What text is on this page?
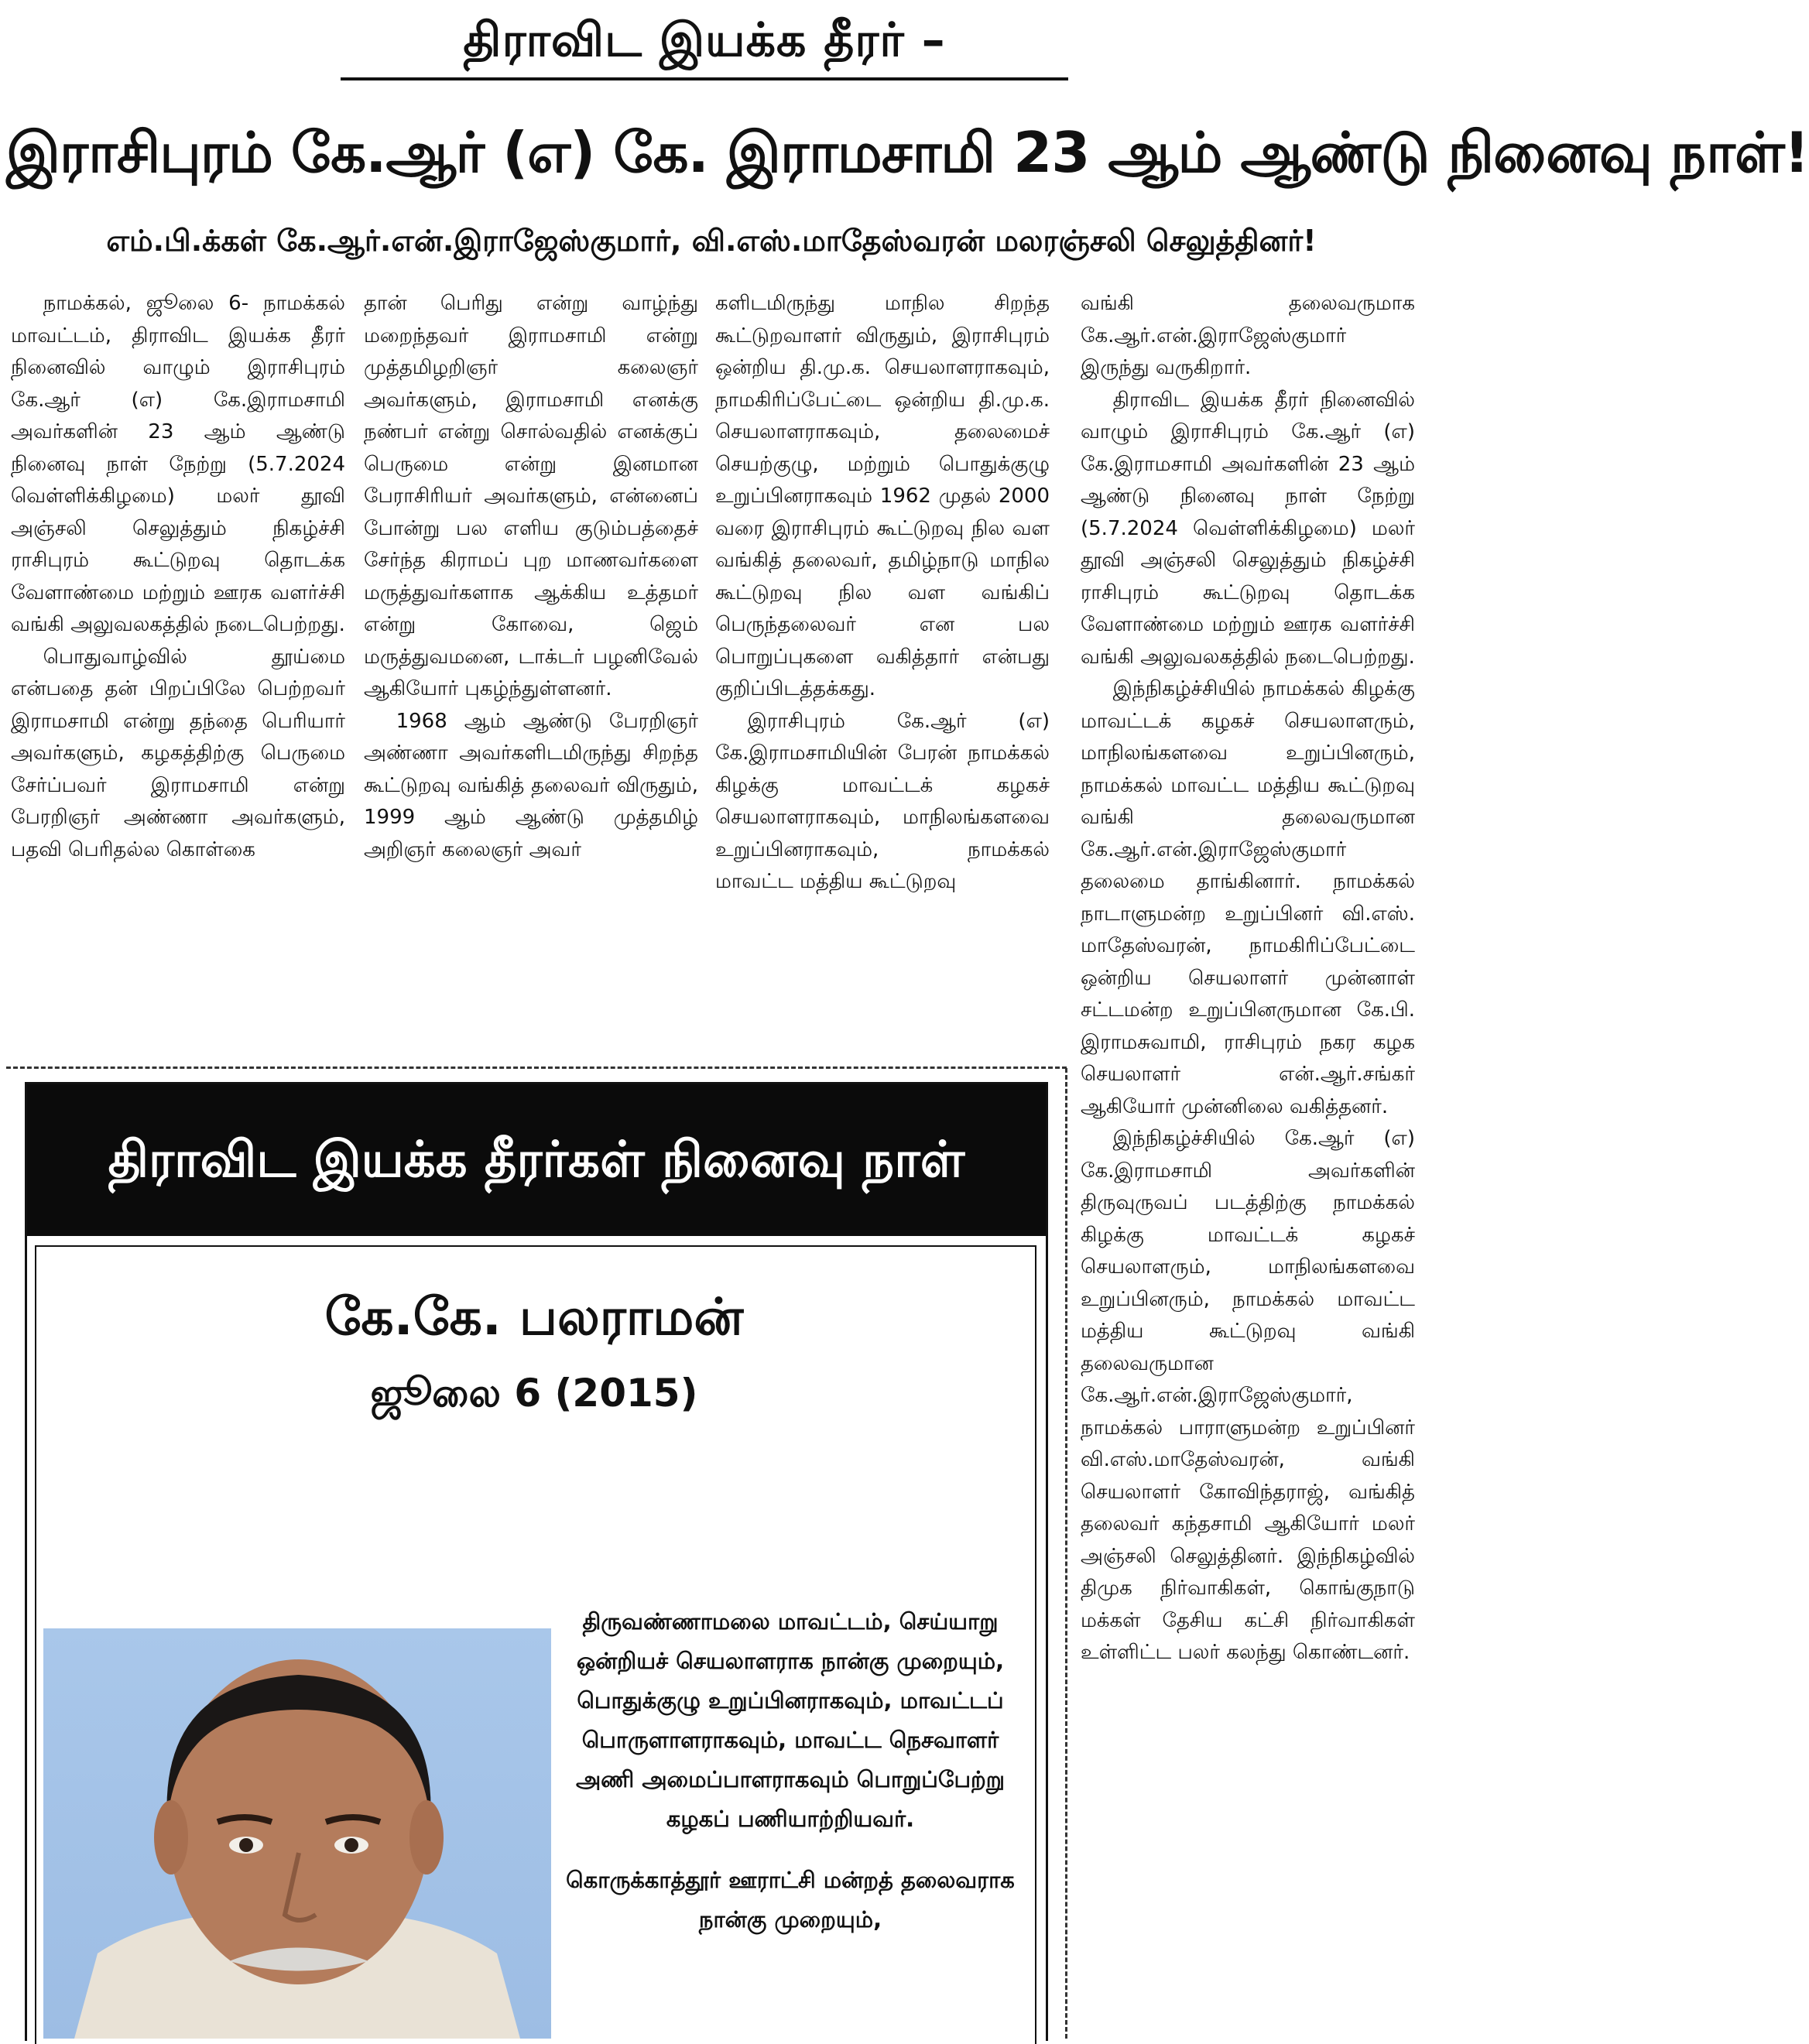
திராவிட இயக்க தீரர் –
இராசிபுரம் கே.ஆர் (எ) கே. இராமசாமி 23 ஆம் ஆண்டு நினைவு நாள்!
எம்.பி.க்கள் கே.ஆர்.என்.இராஜேஸ்குமார், வி.எஸ்.மாதேஸ்வரன் மலரஞ்சலி செலுத்தினர்!

நாமக்கல், ஜூலை 6- நாமக்கல் மாவட்டம், திராவிட இயக்க தீரர் நினைவில் வாழும் இராசிபுரம் கே.ஆர் (எ) கே.இராமசாமி அவர்களின் 23 ஆம் ஆண்டு நினைவு நாள் நேற்று (5.7.2024 வெள்ளிக்கிழமை) மலர் தூவி அஞ்சலி செலுத்தும் நிகழ்ச்சி ராசிபுரம் கூட்டுறவு தொடக்க வேளாண்மை மற்றும் ஊரக வளர்ச்சி வங்கி அலுவலகத்தில் நடைபெற்றது.

பொதுவாழ்வில் தூய்மை என்பதை தன் பிறப்பிலே பெற்றவர் இராமசாமி என்று தந்தை பெரியார் அவர்களும், கழகத்திற்கு பெருமை சேர்ப்பவர் இராமசாமி என்று பேரறிஞர் அண்ணா அவர்களும், பதவி பெரிதல்ல கொள்கை

தான் பெரிது என்று வாழ்ந்து மறைந்தவர் இராமசாமி என்று முத்தமிழறிஞர் கலைஞர் அவர்களும், இராமசாமி எனக்கு நண்பர் என்று சொல்வதில் எனக்குப் பெருமை என்று இனமான பேராசிரியர் அவர்களும், என்னைப் போன்று பல எளிய குடும்பத்தைச் சேர்ந்த கிராமப் புற மாணவர்களை மருத்துவர்களாக ஆக்கிய உத்தமர் என்று கோவை, ஜெம் மருத்துவமனை, டாக்டர் பழனிவேல் ஆகியோர் புகழ்ந்துள்ளனர்.

1968 ஆம் ஆண்டு பேரறிஞர் அண்ணா அவர்களிடமிருந்து சிறந்த கூட்டுறவு வங்கித் தலைவர் விருதும், 1999 ஆம் ஆண்டு முத்தமிழ் அறிஞர் கலைஞர் அவர்

களிடமிருந்து மாநில சிறந்த கூட்டுறவாளர் விருதும், இராசிபுரம் ஒன்றிய தி.மு.க. செயலாளராகவும், நாமகிரிப்பேட்டை ஒன்றிய தி.மு.க. செயலாளராகவும், தலைமைச் செயற்குழு, மற்றும் பொதுக்குழு உறுப்பினராகவும் 1962 முதல் 2000 வரை இராசிபுரம் கூட்டுறவு நில வள வங்கித் தலைவர், தமிழ்நாடு மாநில கூட்டுறவு நில வள வங்கிப் பெருந்தலைவர் என பல பொறுப்புகளை வகித்தார் என்பது குறிப்பிடத்தக்கது.

இராசிபுரம் கே.ஆர் (எ) கே.இராமசாமியின் பேரன் நாமக்கல் கிழக்கு மாவட்டக் கழகச் செயலாளராகவும், மாநிலங்களவை உறுப்பினராகவும், நாமக்கல் மாவட்ட மத்திய கூட்டுறவு

வங்கி தலைவருமாக கே.ஆர்.என்.இராஜேஸ்குமார் இருந்து வருகிறார்.

திராவிட இயக்க தீரர் நினைவில் வாழும் இராசிபுரம் கே.ஆர் (எ) கே.இராமசாமி அவர்களின் 23 ஆம் ஆண்டு நினைவு நாள் நேற்று (5.7.2024 வெள்ளிக்கிழமை) மலர் தூவி அஞ்சலி செலுத்தும் நிகழ்ச்சி ராசிபுரம் கூட்டுறவு தொடக்க வேளாண்மை மற்றும் ஊரக வளர்ச்சி வங்கி அலுவலகத்தில் நடைபெற்றது.

இந்நிகழ்ச்சியில் நாமக்கல் கிழக்கு மாவட்டக் கழகச் செயலாளரும், மாநிலங்களவை உறுப்பினரும், நாமக்கல் மாவட்ட மத்திய கூட்டுறவு வங்கி தலைவருமான கே.ஆர்.என்.இராஜேஸ்குமார் தலைமை தாங்கினார். நாமக்கல் நாடாளுமன்ற உறுப்பினர் வி.எஸ். மாதேஸ்வரன், நாமகிரிப்பேட்டை ஒன்றிய செயலாளர் முன்னாள் சட்டமன்ற உறுப்பினருமான கே.பி. இராமசுவாமி, ராசிபுரம் நகர கழக செயலாளர் என்.ஆர்.சங்கர் ஆகியோர் முன்னிலை வகித்தனர்.

இந்நிகழ்ச்சியில் கே.ஆர் (எ) கே.இராமசாமி அவர்களின் திருவுருவப் படத்திற்கு நாமக்கல் கிழக்கு மாவட்டக் கழகச் செயலாளரும், மாநிலங்களவை உறுப்பினரும், நாமக்கல் மாவட்ட மத்திய கூட்டுறவு வங்கி தலைவருமான கே.ஆர்.என்.இராஜேஸ்குமார், நாமக்கல் பாராளுமன்ற உறுப்பினர் வி.எஸ்.மாதேஸ்வரன், வங்கி செயலாளர் கோவிந்தராஜ், வங்கித் தலைவர் கந்தசாமி ஆகியோர் மலர் அஞ்சலி செலுத்தினர். இந்நிகழ்வில் திமுக நிர்வாகிகள், கொங்குநாடு மக்கள் தேசிய கட்சி நிர்வாகிகள் உள்ளிட்ட பலர் கலந்து கொண்டனர்.

திராவிட இயக்க தீரர்கள் நினைவு நாள்
கே.கே. பலராமன்
ஜூலை 6 (2015)

திருவண்ணாமலை மாவட்டம், செய்யாறு ஒன்றியச் செயலாளராக நான்கு முறையும், பொதுக்குழு உறுப்பினராகவும், மாவட்டப் பொருளாளராகவும், மாவட்ட நெசவாளர் அணி அமைப்பாளராகவும் பொறுப்பேற்று கழகப் பணியாற்றியவர்.

கொருக்காத்தூர் ஊராட்சி மன்றத் தலைவராக நான்கு முறையும்,
